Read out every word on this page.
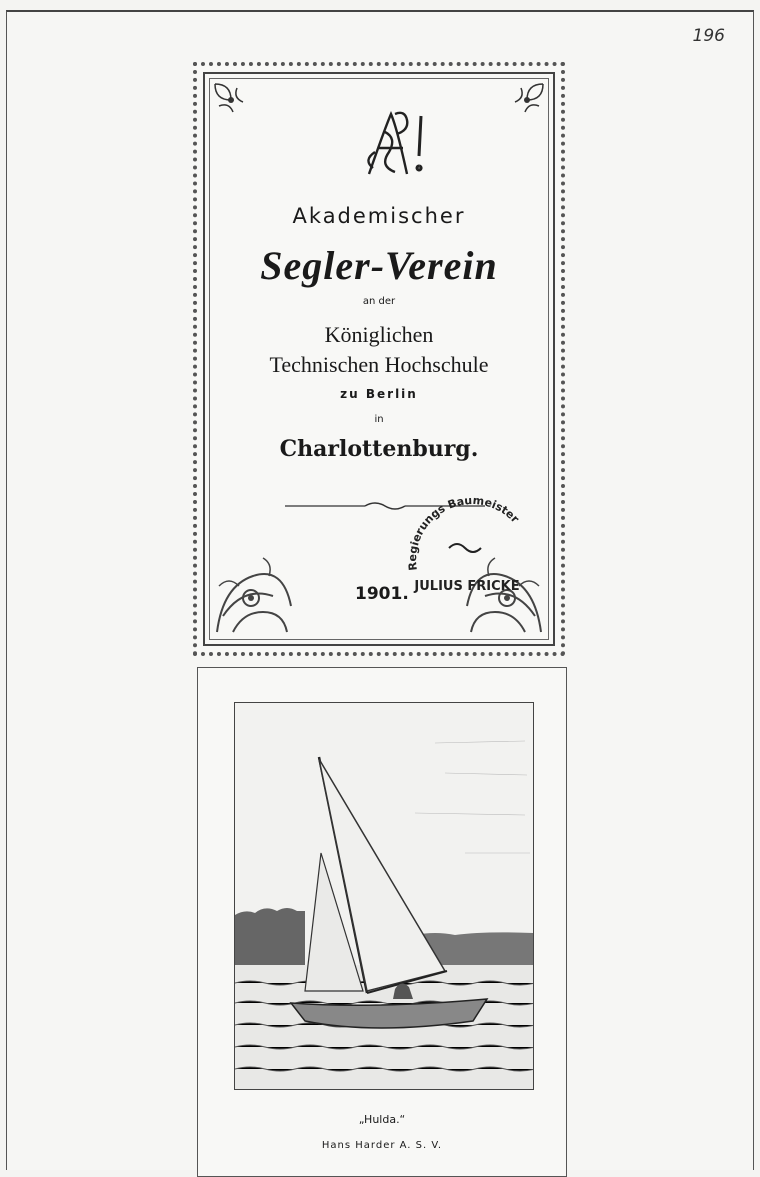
196
Akademischer
Segler-Verein
an der
Königlichen
Technischen Hochschule
zu Berlin
in
Charlottenburg.
Regierungs Baumeister
JULIUS FRICKE
1901.
„Hulda.“
Hans Harder A. S. V.
